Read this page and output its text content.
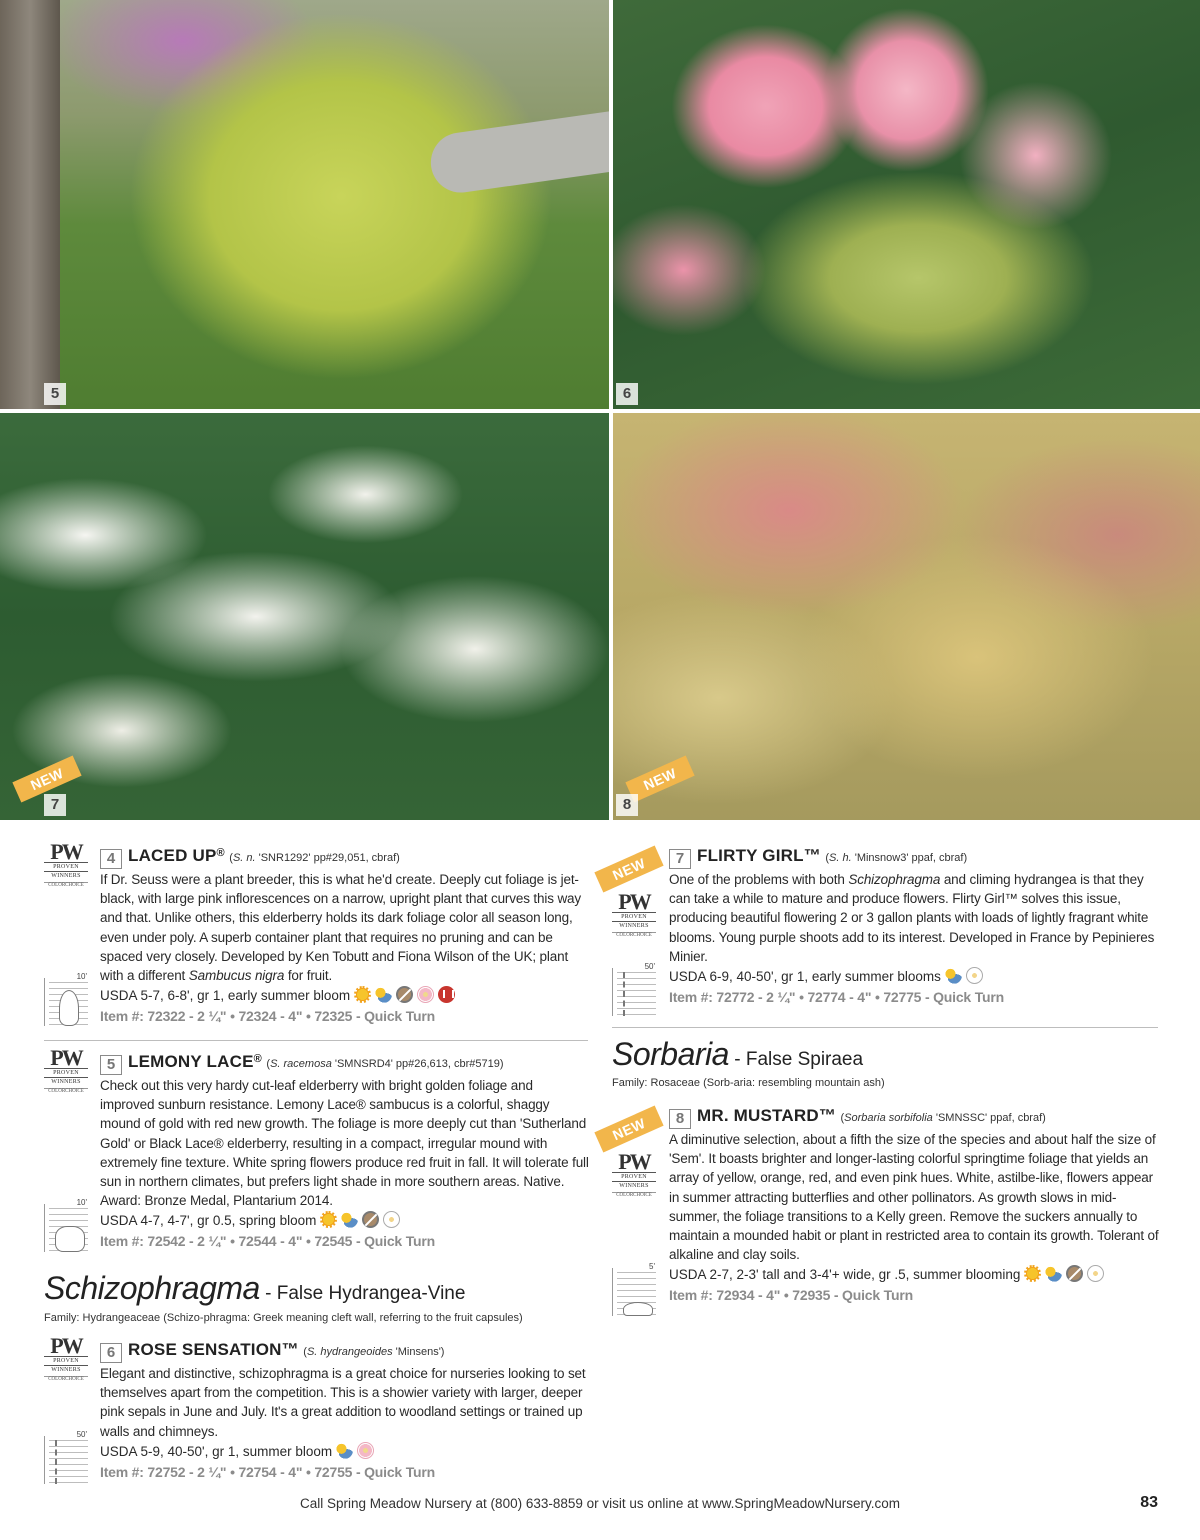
5	6
NEW
7
NEW
8
PW
PROVEN
WINNERS
COLORCHOICE
10'
4 LACED UP® (S. n. 'SNR1292' pp#29,051, cbraf)
If Dr. Seuss were a plant breeder, this is what he'd create. Deeply cut foliage is jet-black, with large pink inflorescences on a narrow, upright plant that curves this way and that. Unlike others, this elderberry holds its dark foliage color all season long, even under poly. A superb container plant that requires no pruning and can be spaced very closely. Developed by Ken Tobutt and Fiona Wilson of the UK; plant with a different Sambucus nigra for fruit.
USDA 5-7, 6-8', gr 1, early summer bloom
Item #: 72322 - 2 ¼" • 72324 - 4" • 72325 - Quick Turn
PW
PROVEN
WINNERS
COLORCHOICE
10'
5 LEMONY LACE® (S. racemosa 'SMNSRD4' pp#26,613, cbr#5719)
Check out this very hardy cut-leaf elderberry with bright golden foliage and improved sunburn resistance. Lemony Lace® sambucus is a colorful, shaggy mound of gold with red new growth. The foliage is more deeply cut than 'Sutherland Gold' or Black Lace® elderberry, resulting in a compact, irregular mound with extremely fine texture. White spring flowers produce red fruit in fall. It will tolerate full sun in northern climates, but prefers light shade in more southern areas. Native. Award: Bronze Medal, Plantarium 2014.
USDA 4-7, 4-7', gr 0.5, spring bloom
Item #: 72542 - 2 ¼" • 72544 - 4" • 72545 - Quick Turn
Schizophragma - False Hydrangea-Vine
Family: Hydrangeaceae (Schizo-phragma: Greek meaning cleft wall, referring to the fruit capsules)
PW
PROVEN
WINNERS
COLORCHOICE
50'
6 ROSE SENSATION™ (S. hydrangeoides 'Minsens')
Elegant and distinctive, schizophragma is a great choice for nurseries looking to set themselves apart from the competition. This is a showier variety with larger, deeper pink sepals in June and July. It's a great addition to woodland settings or trained up walls and chimneys.
USDA 5-9, 40-50', gr 1, summer bloom
Item #: 72752 - 2 ¼" • 72754 - 4" • 72755 - Quick Turn
NEW
PW
PROVEN
WINNERS
COLORCHOICE
50'
7 FLIRTY GIRL™ (S. h. 'Minsnow3' ppaf, cbraf)
One of the problems with both Schizophragma and climing hydrangea is that they can take a while to mature and produce flowers. Flirty Girl™ solves this issue, producing beautiful flowering 2 or 3 gallon plants with loads of lightly fragrant white blooms. Young purple shoots add to its interest. Developed in France by Pepinieres Minier.
USDA 6-9, 40-50', gr 1, early summer blooms
Item #: 72772 - 2 ¼" • 72774 - 4" • 72775 - Quick Turn
Sorbaria - False Spiraea
Family: Rosaceae (Sorb-aria: resembling mountain ash)
NEW
PW
PROVEN
WINNERS
COLORCHOICE
5'
8 MR. MUSTARD™ (Sorbaria sorbifolia 'SMNSSC' ppaf, cbraf)
A diminutive selection, about a fifth the size of the species and about half the size of 'Sem'. It boasts brighter and longer-lasting colorful springtime foliage that yields an array of yellow, orange, red, and even pink hues. White, astilbe-like, flowers appear in summer attracting butterflies and other pollinators. As growth slows in mid-summer, the foliage transitions to a Kelly green. Remove the suckers annually to maintain a mounded habit or plant in restricted area to contain its growth. Tolerant of alkaline and clay soils.
USDA 2-7, 2-3' tall and 3-4'+ wide, gr .5, summer blooming
Item #: 72934 - 4" • 72935 - Quick Turn
Call Spring Meadow Nursery at (800) 633-8859 or visit us online at www.SpringMeadowNursery.com	83
